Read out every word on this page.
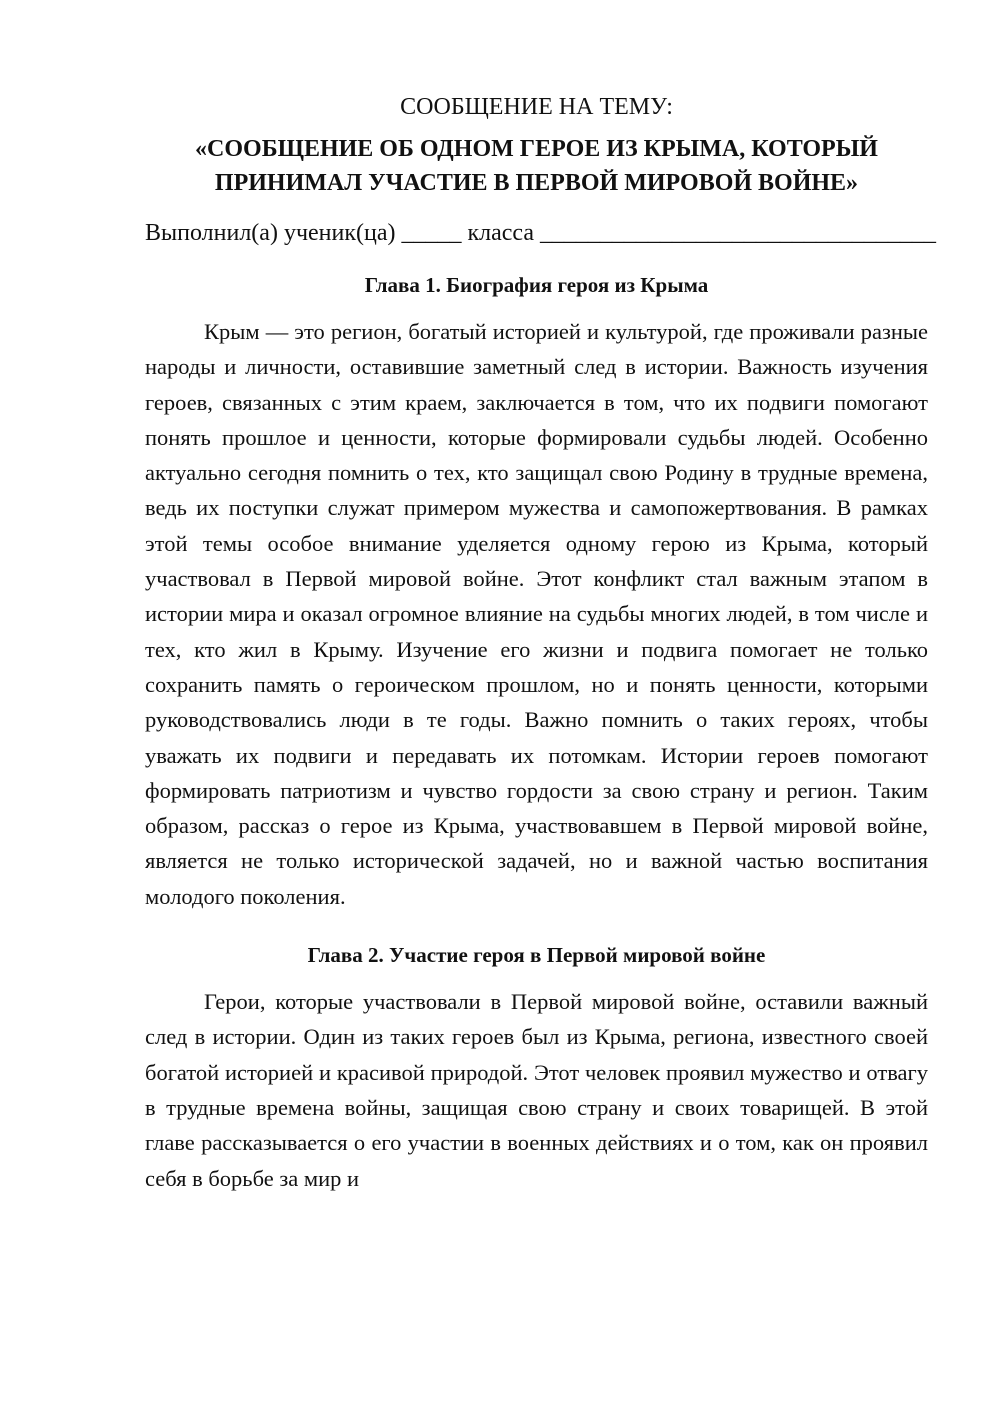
СООБЩЕНИЕ НА ТЕМУ:

«СООБЩЕНИЕ ОБ ОДНОМ ГЕРОЕ ИЗ КРЫМА, КОТОРЫЙ ПРИНИМАЛ УЧАСТИЕ В ПЕРВОЙ МИРОВОЙ ВОЙНЕ»

Выполнил(а) ученик(ца) _____ класса _________________________________

Глава 1. Биография героя из Крыма

Крым — это регион, богатый историей и культурой, где проживали разные народы и личности, оставившие заметный след в истории. Важность изучения героев, связанных с этим краем, заключается в том, что их подвиги помогают понять прошлое и ценности, которые формировали судьбы людей. Особенно актуально сегодня помнить о тех, кто защищал свою Родину в трудные времена, ведь их поступки служат примером мужества и самопожертвования. В рамках этой темы особое внимание уделяется одному герою из Крыма, который участвовал в Первой мировой войне. Этот конфликт стал важным этапом в истории мира и оказал огромное влияние на судьбы многих людей, в том числе и тех, кто жил в Крыму. Изучение его жизни и подвига помогает не только сохранить память о героическом прошлом, но и понять ценности, которыми руководствовались люди в те годы. Важно помнить о таких героях, чтобы уважать их подвиги и передавать их потомкам. Истории героев помогают формировать патриотизм и чувство гордости за свою страну и регион. Таким образом, рассказ о герое из Крыма, участвовавшем в Первой мировой войне, является не только исторической задачей, но и важной частью воспитания молодого поколения.

Глава 2. Участие героя в Первой мировой войне

Герои, которые участвовали в Первой мировой войне, оставили важный след в истории. Один из таких героев был из Крыма, региона, известного своей богатой историей и красивой природой. Этот человек проявил мужество и отвагу в трудные времена войны, защищая свою страну и своих товарищей. В этой главе рассказывается о его участии в военных действиях и о том, как он проявил себя в борьбе за мир и
